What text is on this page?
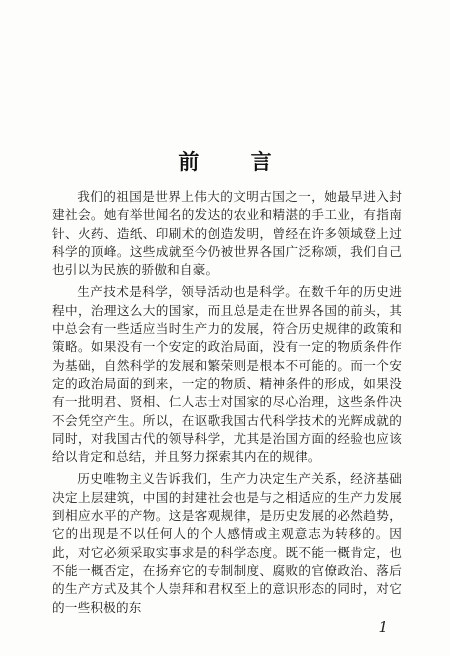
前 言

我们的祖国是世界上伟大的文明古国之一，她最早进入封建社会。她有举世闻名的发达的农业和精湛的手工业，有指南针、火药、造纸、印刷术的创造发明，曾经在许多领域登上过科学的顶峰。这些成就至今仍被世界各国广泛称颂，我们自己也引以为民族的骄傲和自豪。

生产技术是科学，领导活动也是科学。在数千年的历史进程中，治理这么大的国家，而且总是走在世界各国的前头，其中总会有一些适应当时生产力的发展，符合历史规律的政策和策略。如果没有一个安定的政治局面，没有一定的物质条件作为基础，自然科学的发展和繁荣则是根本不可能的。而一个安定的政治局面的到来，一定的物质、精神条件的形成，如果没有一批明君、贤相、仁人志士对国家的尽心治理，这些条件决不会凭空产生。所以，在讴歌我国古代科学技术的光辉成就的同时，对我国古代的领导科学，尤其是治国方面的经验也应该给以肯定和总结，并且努力探索其内在的规律。

历史唯物主义告诉我们，生产力决定生产关系，经济基础决定上层建筑，中国的封建社会也是与之相适应的生产力发展到相应水平的产物。这是客观规律，是历史发展的必然趋势，它的出现是不以任何人的个人感情或主观意志为转移的。因此，对它必须采取实事求是的科学态度。既不能一概肯定，也不能一概否定，在扬弃它的专制制度、腐败的官僚政治、落后的生产方式及其个人崇拜和君权至上的意识形态的同时，对它的一些积极的东

1
